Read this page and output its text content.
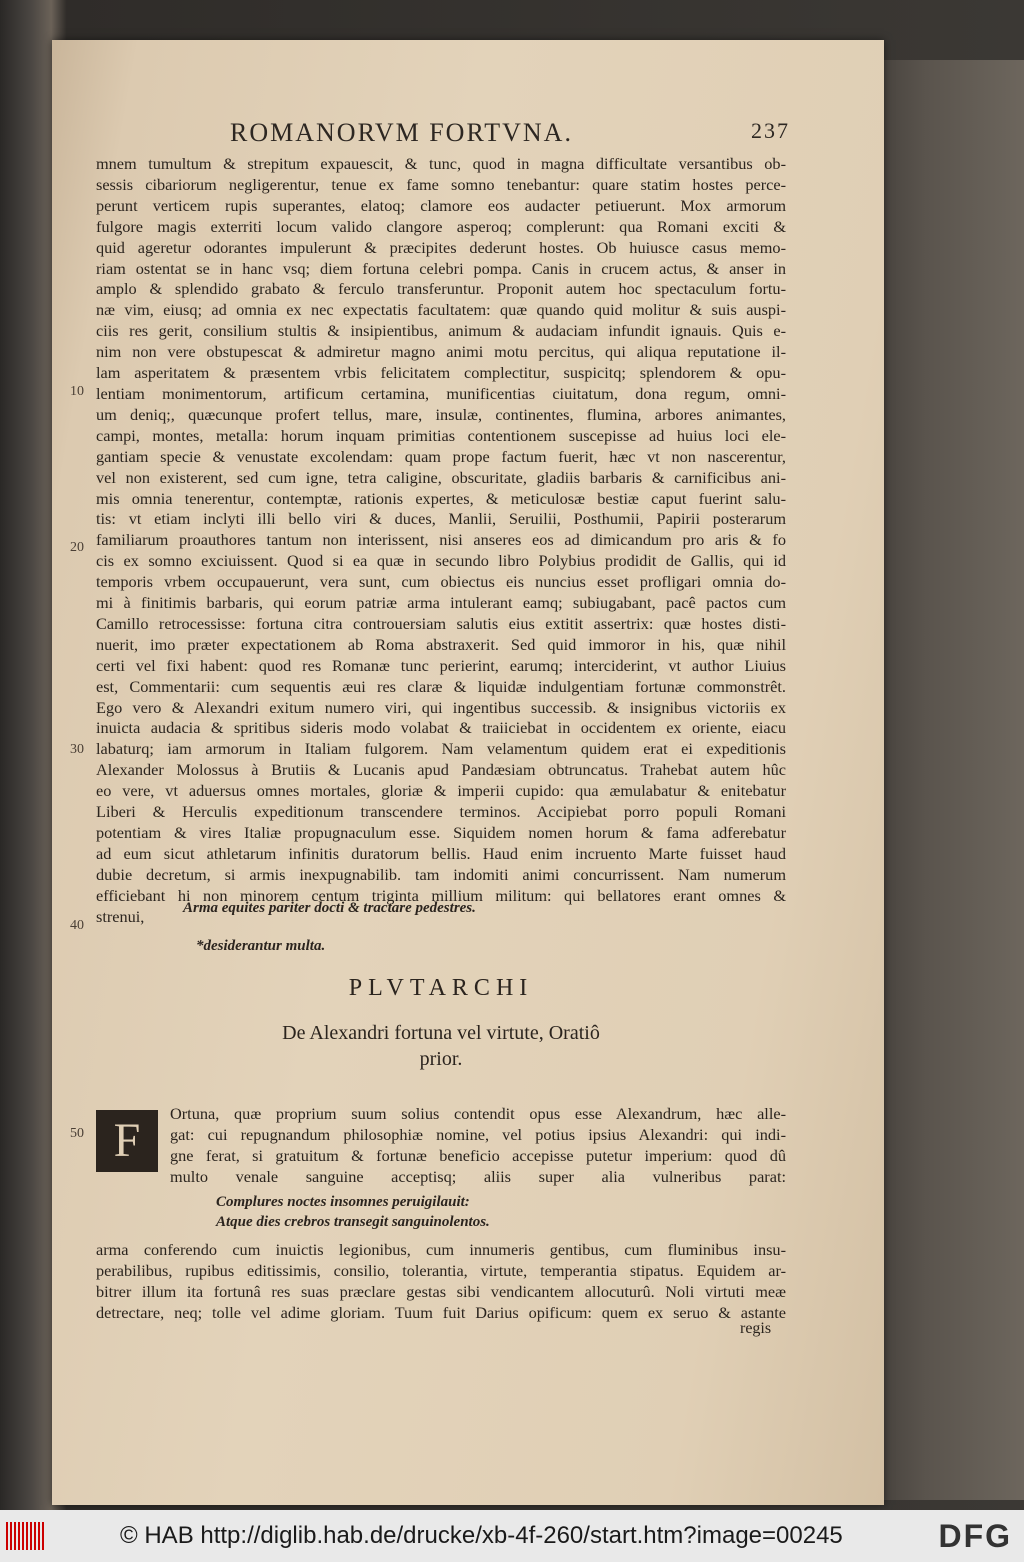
ROMANORVM FORTVNA.	237
mnem tumultum & strepitum expauescit, & tunc, quod in magna difficultate versantibus ob-
sessis cibariorum negligerentur, tenue ex fame somno tenebantur: quare statim hostes perce-
perunt verticem rupis superantes, elatoq; clamore eos audacter petiuerunt. Mox armorum
fulgore magis exterriti locum valido clangore asperoq; complerunt: qua Romani exciti &
quid ageretur odorantes impulerunt & præcipites dederunt hostes. Ob huiusce casus memo-
riam ostentat se in hanc vsq; diem fortuna celebri pompa. Canis in crucem actus, & anser in
amplo & splendido grabato & ferculo transferuntur. Proponit autem hoc spectaculum fortu-
næ vim, eiusq; ad omnia ex nec expectatis facultatem: quæ quando quid molitur & suis auspi-
ciis res gerit, consilium stultis & insipientibus, animum & audaciam infundit ignauis. Quis e-
nim non vere obstupescat & admiretur magno animi motu percitus, qui aliqua reputatione il-
lam asperitatem & præsentem vrbis felicitatem complectitur, suspicitq; splendorem & opu-
lentiam monimentorum, artificum certamina, munificentias ciuitatum, dona regum, omni-
um deniq;, quæcunque profert tellus, mare, insulæ, continentes, flumina, arbores animantes,
campi, montes, metalla: horum inquam primitias contentionem suscepisse ad huius loci ele-
gantiam specie & venustate excolendam: quam prope factum fuerit, hæc vt non nascerentur,
vel non existerent, sed cum igne, tetra caligine, obscuritate, gladiis barbaris & carnificibus ani-
mis omnia tenerentur, contemptæ, rationis expertes, & meticulosæ bestiæ caput fuerint salu-
tis: vt etiam inclyti illi bello viri & duces, Manlii, Seruilii, Posthumii, Papirii posterarum
familiarum proauthores tantum non interissent, nisi anseres eos ad dimicandum pro aris & fo
cis ex somno exciuissent. Quod si ea quæ in secundo libro Polybius prodidit de Gallis, qui id
temporis vrbem occupauerunt, vera sunt, cum obiectus eis nuncius esset profligari omnia do-
mi à finitimis barbaris, qui eorum patriæ arma intulerant eamq; subiugabant, pacê pactos cum
Camillo retrocessisse: fortuna citra controuersiam salutis eius extitit assertrix: quæ hostes disti-
nuerit, imo præter expectationem ab Roma abstraxerit. Sed quid immoror in his, quæ nihil
certi vel fixi habent: quod res Romanæ tunc perierint, earumq; interciderint, vt author Liuius
est, Commentarii: cum sequentis æui res claræ & liquidæ indulgentiam fortunæ commonstrêt.
Ego vero & Alexandri exitum numero viri, qui ingentibus successib. & insignibus victoriis ex
inuicta audacia & spritibus sideris modo volabat & traiiciebat in occidentem ex oriente, eiacu
labaturq; iam armorum in Italiam fulgorem. Nam velamentum quidem erat ei expeditionis
Alexander Molossus à Brutiis & Lucanis apud Pandæsiam obtruncatus. Trahebat autem hûc
eo vere, vt aduersus omnes mortales, gloriæ & imperii cupido: qua æmulabatur & enitebatur
Liberi & Herculis expeditionum transcendere terminos. Accipiebat porro populi Romani
potentiam & vires Italiæ propugnaculum esse. Siquidem nomen horum & fama adferebatur
ad eum sicut athletarum infinitis duratorum bellis. Haud enim incruento Marte fuisset haud
dubie decretum, si armis inexpugnabilib. tam indomiti animi concurrissent. Nam numerum
efficiebant hi non minorem centum triginta millium militum: qui bellatores erant omnes &
strenui,
10
20
30
40
50
Arma equites pariter docti & tractare pedestres.
*desiderantur multa.
PLVTARCHI
De Alexandri fortuna vel virtute, Oratiô
prior.
F
Ortuna, quæ proprium suum solius contendit opus esse Alexandrum, hæc alle-
gat: cui repugnandum philosophiæ nomine, vel potius ipsius Alexandri: qui indi-
gne ferat, si gratuitum & fortunæ beneficio accepisse putetur imperium: quod dû
multo venale sanguine acceptisq; aliis super alia vulneribus parat:
Complures noctes insomnes peruigilauit:
Atque dies crebros transegit sanguinolentos.
arma conferendo cum inuictis legionibus, cum innumeris gentibus, cum fluminibus insu-
perabilibus, rupibus editissimis, consilio, tolerantia, virtute, temperantia stipatus. Equidem ar-
bitrer illum ita fortunâ res suas præclare gestas sibi vendicantem allocuturû. Noli virtuti meæ
detrectare, neq; tolle vel adime gloriam. Tuum fuit Darius opificum: quem ex seruo & astante
regis
© HAB http://diglib.hab.de/drucke/xb-4f-260/start.htm?image=00245	DFG
